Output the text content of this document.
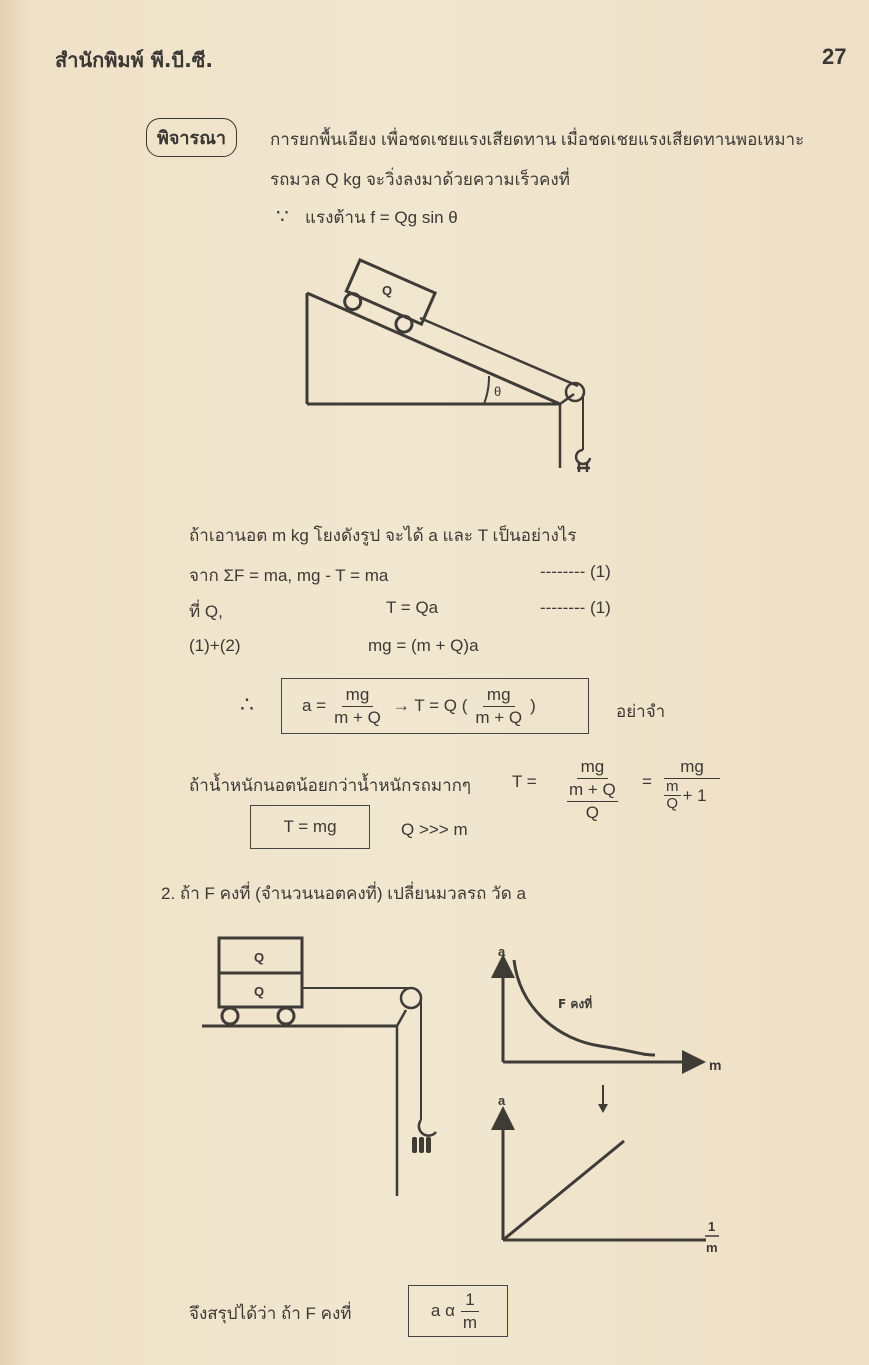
สำนักพิมพ์ พี.บี.ซี.	27
พิจารณา	การยกพื้นเอียง เพื่อชดเชยแรงเสียดทาน เมื่อชดเชยแรงเสียดทานพอเหมาะ
รถมวล Q kg จะวิ่งลงมาด้วยความเร็วคงที่
∵ แรงต้าน f = Qg sin θ
θ
Q
ถ้าเอานอต m kg โยงดังรูป จะได้ a และ T เป็นอย่างไร
จาก ΣF = ma, mg - T = ma	-------- (1)
ที่ Q,	T = Qa	-------- (1)
(1)+(2)	mg = (m + Q)a
∴	$a = \frac{mg}{m + Q} \to T = Q$ ( $\frac{mg}{m + Q}$ )	อย่าจำ
ถ้าน้ำหนักนอตน้อยกว่าน้ำหนักรถมากๆ T =
mg
m + Q
Q
=
mg
m
Q + 1
T = mg	Q >>> m
2. ถ้า F คงที่ (จำนวนนอตคงที่) เปลี่ยนมวลรถ วัด a
Q
Q
a
m
F คงที่
a
1
m
จึงสรุปได้ว่า ถ้า F คงที่	a α $\frac{1}{m}$
